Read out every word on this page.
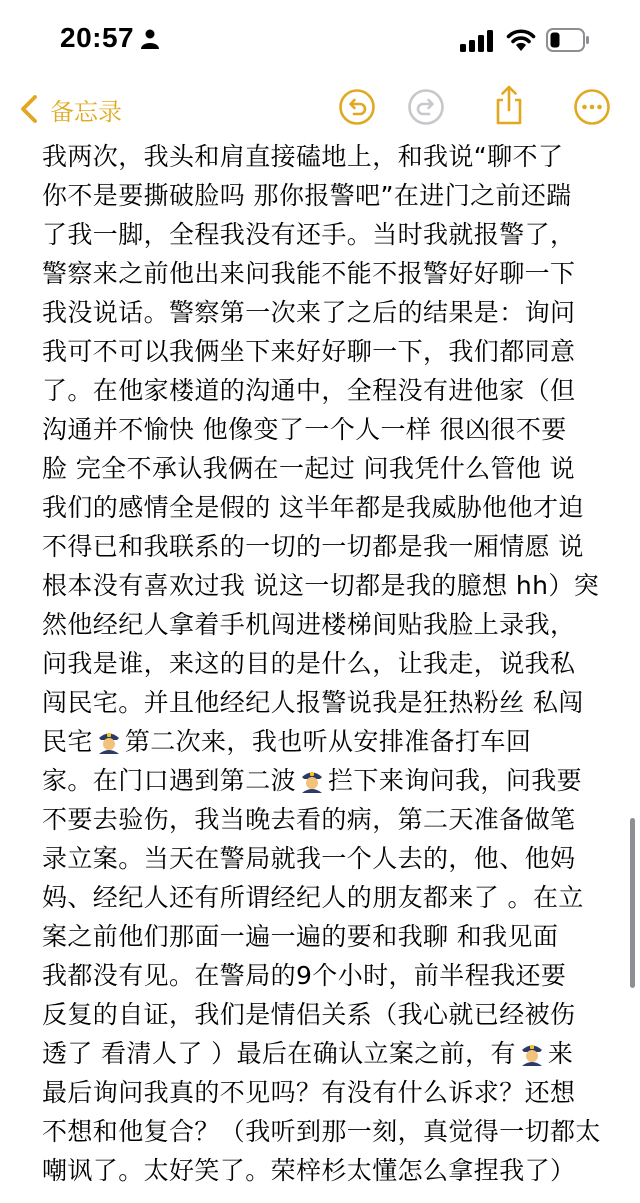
20:57
备忘录
我两次，我头和肩直接磕地上，和我说“聊不了
你不是要撕破脸吗 那你报警吧”在进门之前还踹
了我一脚，全程我没有还手。当时我就报警了，
警察来之前他出来问我能不能不报警好好聊一下
我没说话。警察第一次来了之后的结果是：询问
我可不可以我俩坐下来好好聊一下，我们都同意
了。在他家楼道的沟通中，全程没有进他家（但
沟通并不愉快 他像变了一个人一样 很凶很不要
脸 完全不承认我俩在一起过 问我凭什么管他 说
我们的感情全是假的 这半年都是我威胁他他才迫
不得已和我联系的一切的一切都是我一厢情愿 说
根本没有喜欢过我 说这一切都是我的臆想 hh）突
然他经纪人拿着手机闯进楼梯间贴我脸上录我，
问我是谁，来这的目的是什么，让我走，说我私
闯民宅。并且他经纪人报警说我是狂热粉丝 私闯
民宅 第二次来，我也听从安排准备打车回
家。在门口遇到第二波 拦下来询问我，问我要
不要去验伤，我当晚去看的病，第二天准备做笔
录立案。当天在警局就我一个人去的，他、他妈
妈、经纪人还有所谓经纪人的朋友都来了 。在立
案之前他们那面一遍一遍的要和我聊 和我见面
我都没有见。在警局的9个小时，前半程我还要
反复的自证，我们是情侣关系（我心就已经被伤
透了 看清人了 ）最后在确认立案之前，有 来
最后询问我真的不见吗？有没有什么诉求？还想
不想和他复合？（我听到那一刻，真觉得一切都太
嘲讽了。太好笑了。荣梓杉太懂怎么拿捏我了）
